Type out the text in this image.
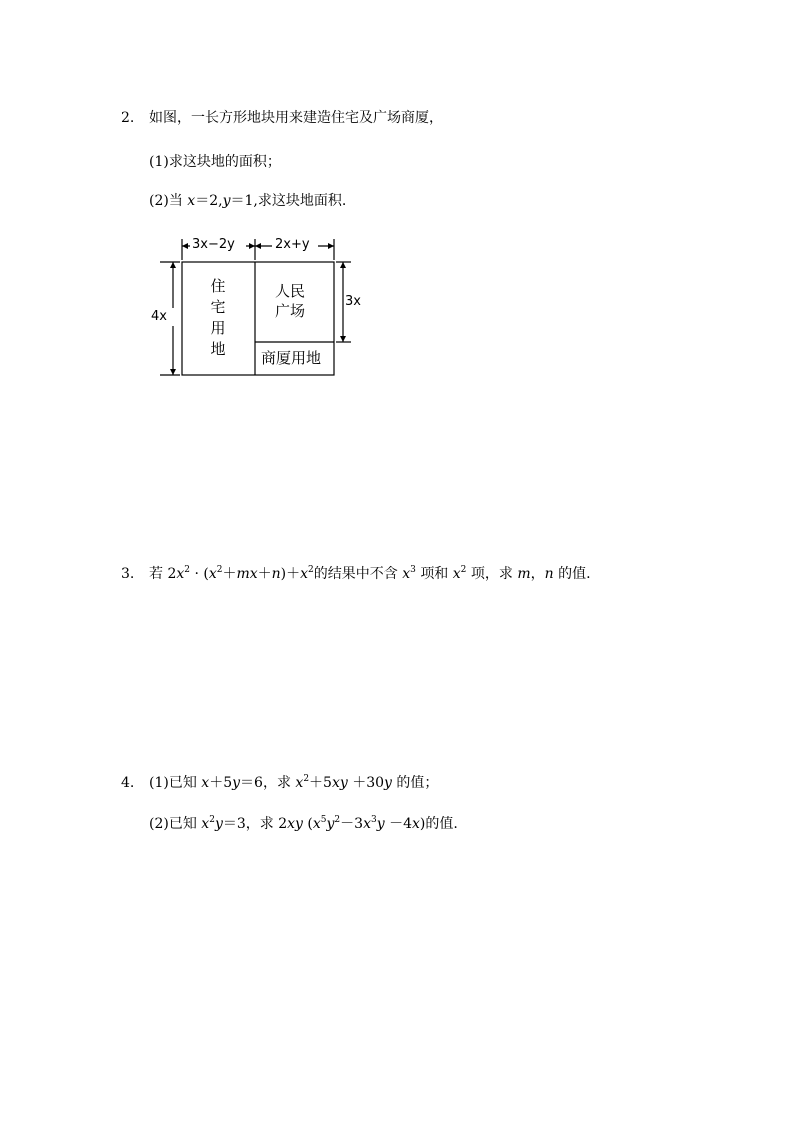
2. 如图，一长方形地块用来建造住宅及广场商厦，
(1)求这块地的面积；
(2)当 x＝2,y＝1,求这块地面积.
3x−2y	2x+y
4x
3x
住
宅
用
地
人民
广场
商厦用地
3. 若 $2x^2 \cdot (x^2+mx+n)+x^2$的结果中不含 $x^3$ 项和 $x^2$ 项，求 m，n 的值.
4. (1)已知 x＋5y＝6，求 $x^2+5xy +30y$ 的值；
(2)已知 $x^2y=3$，求 2xy $(x^5y^2-3x^3y -4x)$的值.
